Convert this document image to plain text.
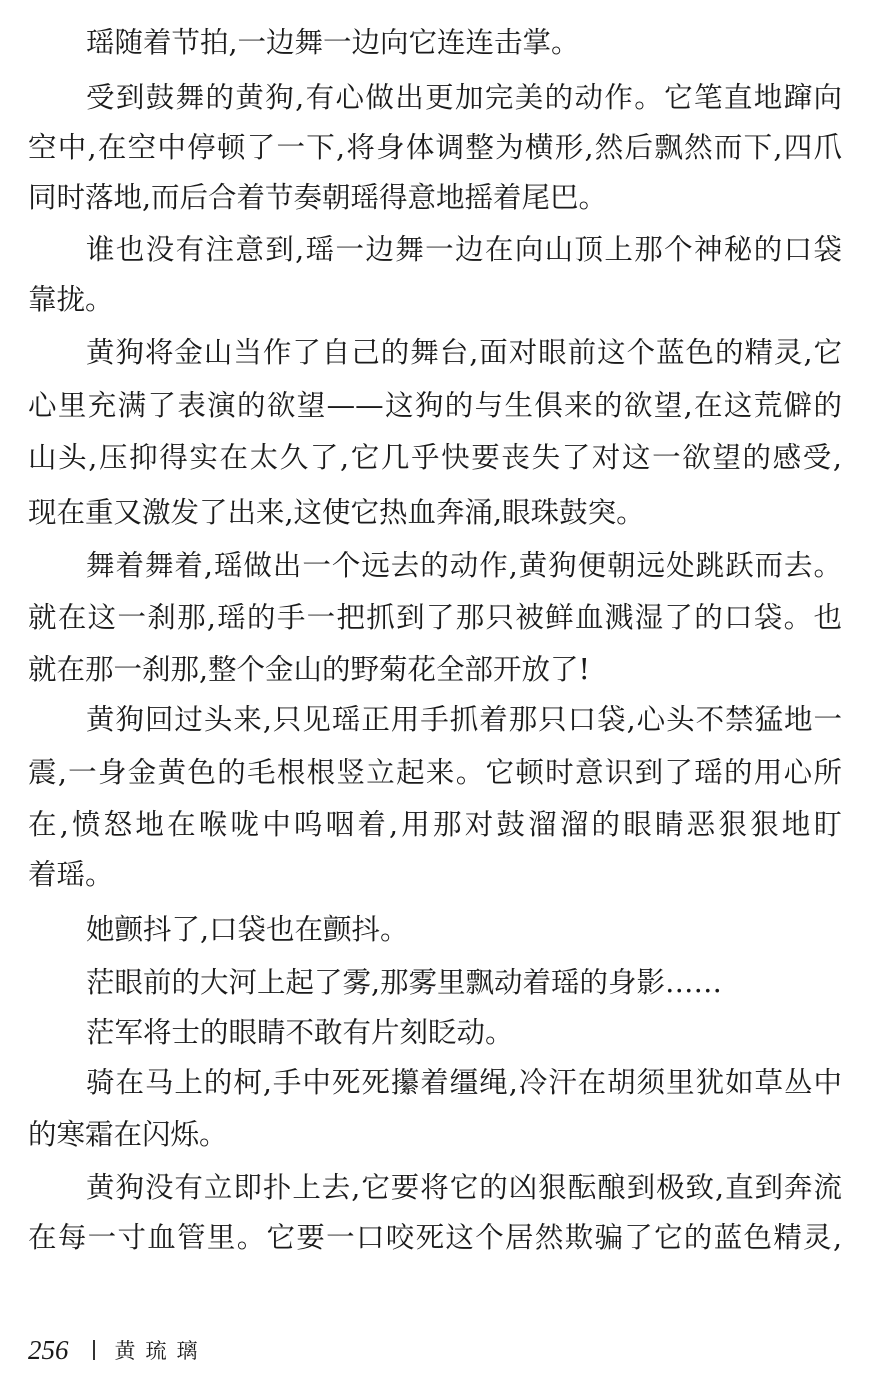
瑶随着节拍,一边舞一边向它连连击掌。
受到鼓舞的黄狗,有心做出更加完美的动作。它笔直地蹿向
空中,在空中停顿了一下,将身体调整为横形,然后飘然而下,四爪
同时落地,而后合着节奏朝瑶得意地摇着尾巴。
谁也没有注意到,瑶一边舞一边在向山顶上那个神秘的口袋
靠拢。
黄狗将金山当作了自己的舞台,面对眼前这个蓝色的精灵,它
心里充满了表演的欲望——这狗的与生俱来的欲望,在这荒僻的
山头,压抑得实在太久了,它几乎快要丧失了对这一欲望的感受,
现在重又激发了出来,这使它热血奔涌,眼珠鼓突。
舞着舞着,瑶做出一个远去的动作,黄狗便朝远处跳跃而去。
就在这一刹那,瑶的手一把抓到了那只被鲜血溅湿了的口袋。也
就在那一刹那,整个金山的野菊花全部开放了!
黄狗回过头来,只见瑶正用手抓着那只口袋,心头不禁猛地一
震,一身金黄色的毛根根竖立起来。它顿时意识到了瑶的用心所
在,愤怒地在喉咙中呜咽着,用那对鼓溜溜的眼睛恶狠狠地盯
着瑶。
她颤抖了,口袋也在颤抖。
茫眼前的大河上起了雾,那雾里飘动着瑶的身影……
茫军将士的眼睛不敢有片刻眨动。
骑在马上的柯,手中死死攥着缰绳,冷汗在胡须里犹如草丛中
的寒霜在闪烁。
黄狗没有立即扑上去,它要将它的凶狠酝酿到极致,直到奔流
在每一寸血管里。它要一口咬死这个居然欺骗了它的蓝色精灵,
256 黄琉璃
